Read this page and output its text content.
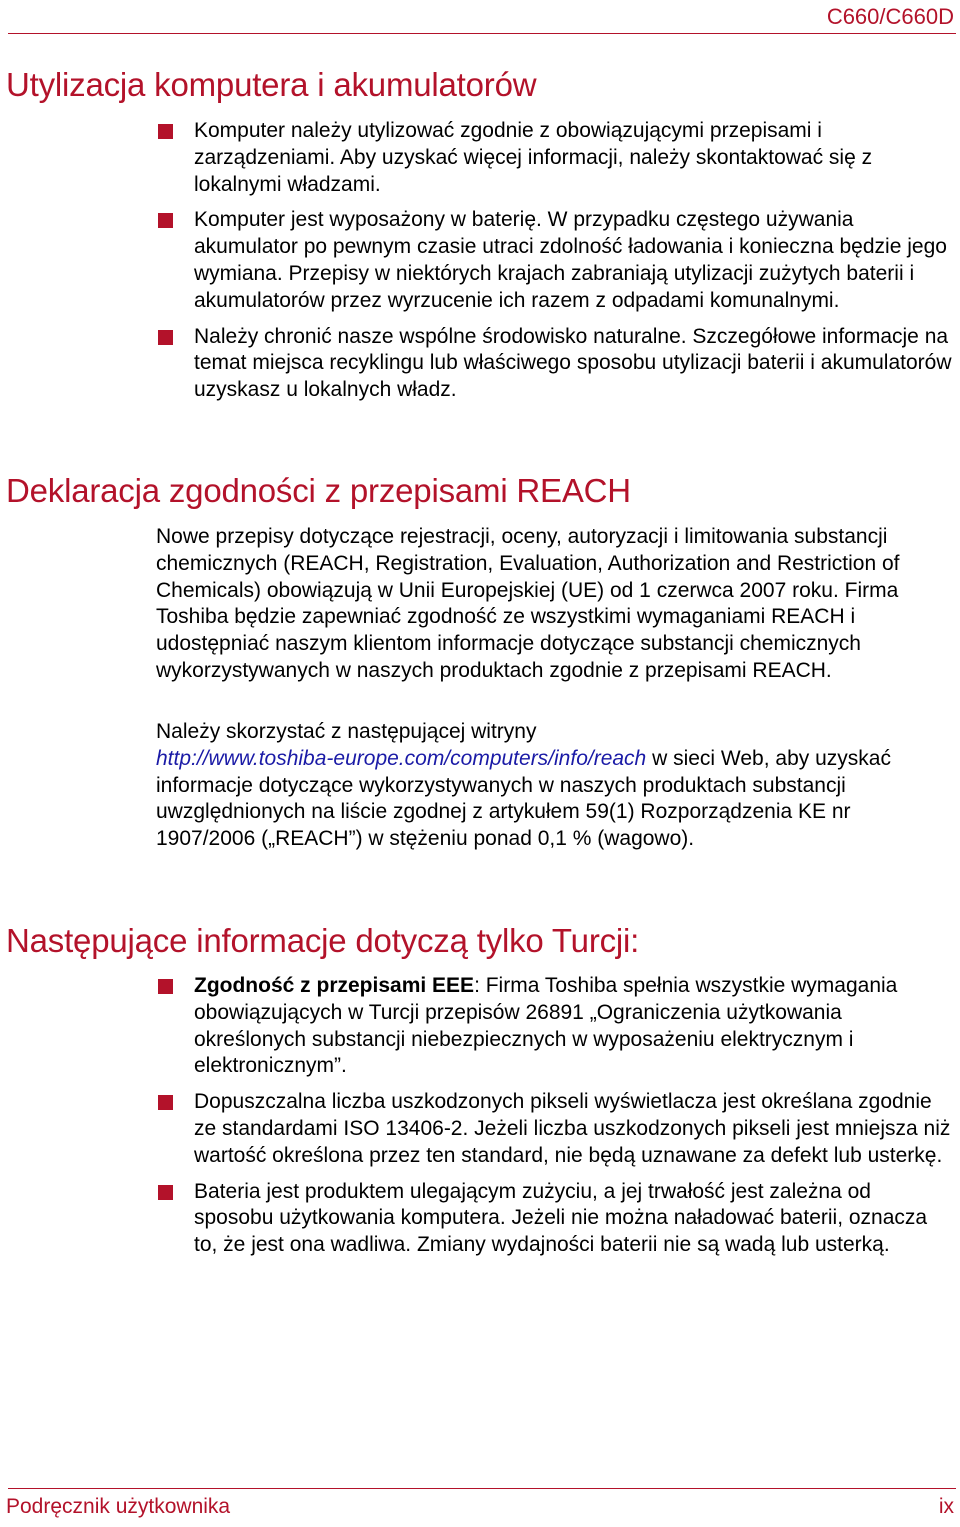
C660/C660D
Utylizacja komputera i akumulatorów
Komputer należy utylizować zgodnie z obowiązującymi przepisami i zarządzeniami. Aby uzyskać więcej informacji, należy skontaktować się z lokalnymi władzami.
Komputer jest wyposażony w baterię. W przypadku częstego używania akumulator po pewnym czasie utraci zdolność ładowania i konieczna będzie jego wymiana. Przepisy w niektórych krajach zabraniają utylizacji zużytych baterii i akumulatorów przez wyrzucenie ich razem z odpadami komunalnymi.
Należy chronić nasze wspólne środowisko naturalne. Szczegółowe informacje na temat miejsca recyklingu lub właściwego sposobu utylizacji baterii i akumulatorów uzyskasz u lokalnych władz.
Deklaracja zgodności z przepisami REACH

Nowe przepisy dotyczące rejestracji, oceny, autoryzacji i limitowania substancji chemicznych (REACH, Registration, Evaluation, Authorization and Restriction of Chemicals) obowiązują w Unii Europejskiej (UE) od 1 czerwca 2007 roku. Firma Toshiba będzie zapewniać zgodność ze wszystkimi wymaganiami REACH i udostępniać naszym klientom informacje dotyczące substancji chemicznych wykorzystywanych w naszych produktach zgodnie z przepisami REACH.

Należy skorzystać z następującej witryny
http://www.toshiba-europe.com/computers/info/reach w sieci Web, aby uzyskać informacje dotyczące wykorzystywanych w naszych produktach substancji uwzględnionych na liście zgodnej z artykułem 59(1) Rozporządzenia KE nr 1907/2006 („REACH”) w stężeniu ponad 0,1 % (wagowo).

Następujące informacje dotyczą tylko Turcji:
Zgodność z przepisami EEE: Firma Toshiba spełnia wszystkie wymagania obowiązujących w Turcji przepisów 26891 „Ograniczenia użytkowania określonych substancji niebezpiecznych w wyposażeniu elektrycznym i elektronicznym”.
Dopuszczalna liczba uszkodzonych pikseli wyświetlacza jest określana zgodnie ze standardami ISO 13406-2. Jeżeli liczba uszkodzonych pikseli jest mniejsza niż wartość określona przez ten standard, nie będą uznawane za defekt lub usterkę.
Bateria jest produktem ulegającym zużyciu, a jej trwałość jest zależna od sposobu użytkowania komputera. Jeżeli nie można naładować baterii, oznacza to, że jest ona wadliwa. Zmiany wydajności baterii nie są wadą lub usterką.
Podręcznik użytkownika	ix
